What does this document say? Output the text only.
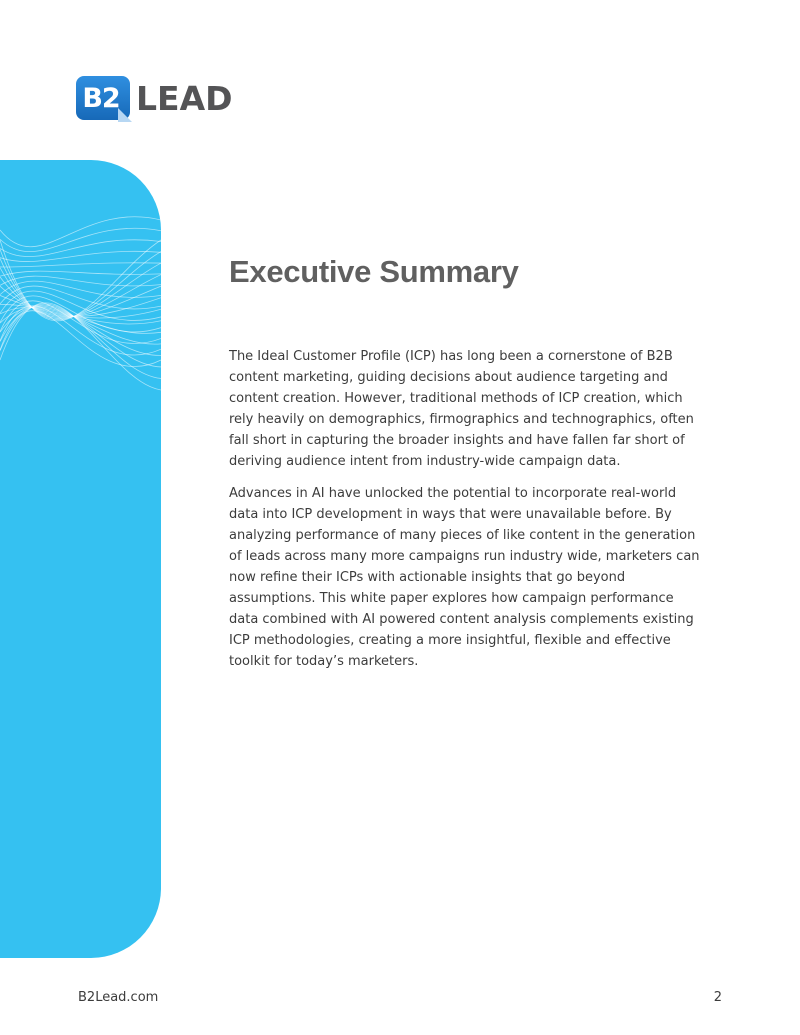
B2 LEAD
Executive Summary

The Ideal Customer Profile (ICP) has long been a cornerstone of B2B content marketing, guiding decisions about audience targeting and content creation. However, traditional methods of ICP creation, which rely heavily on demographics, firmographics and technographics, often fall short in capturing the broader insights and have fallen far short of deriving audience intent from industry-wide campaign data.

Advances in AI have unlocked the potential to incorporate real-world data into ICP development in ways that were unavailable before. By analyzing performance of many pieces of like content in the generation of leads across many more campaigns run industry wide, marketers can now refine their ICPs with actionable insights that go beyond assumptions. This white paper explores how campaign performance data combined with AI powered content analysis complements existing ICP methodologies, creating a more insightful, flexible and effective toolkit for today’s marketers.

B2Lead.com	2
